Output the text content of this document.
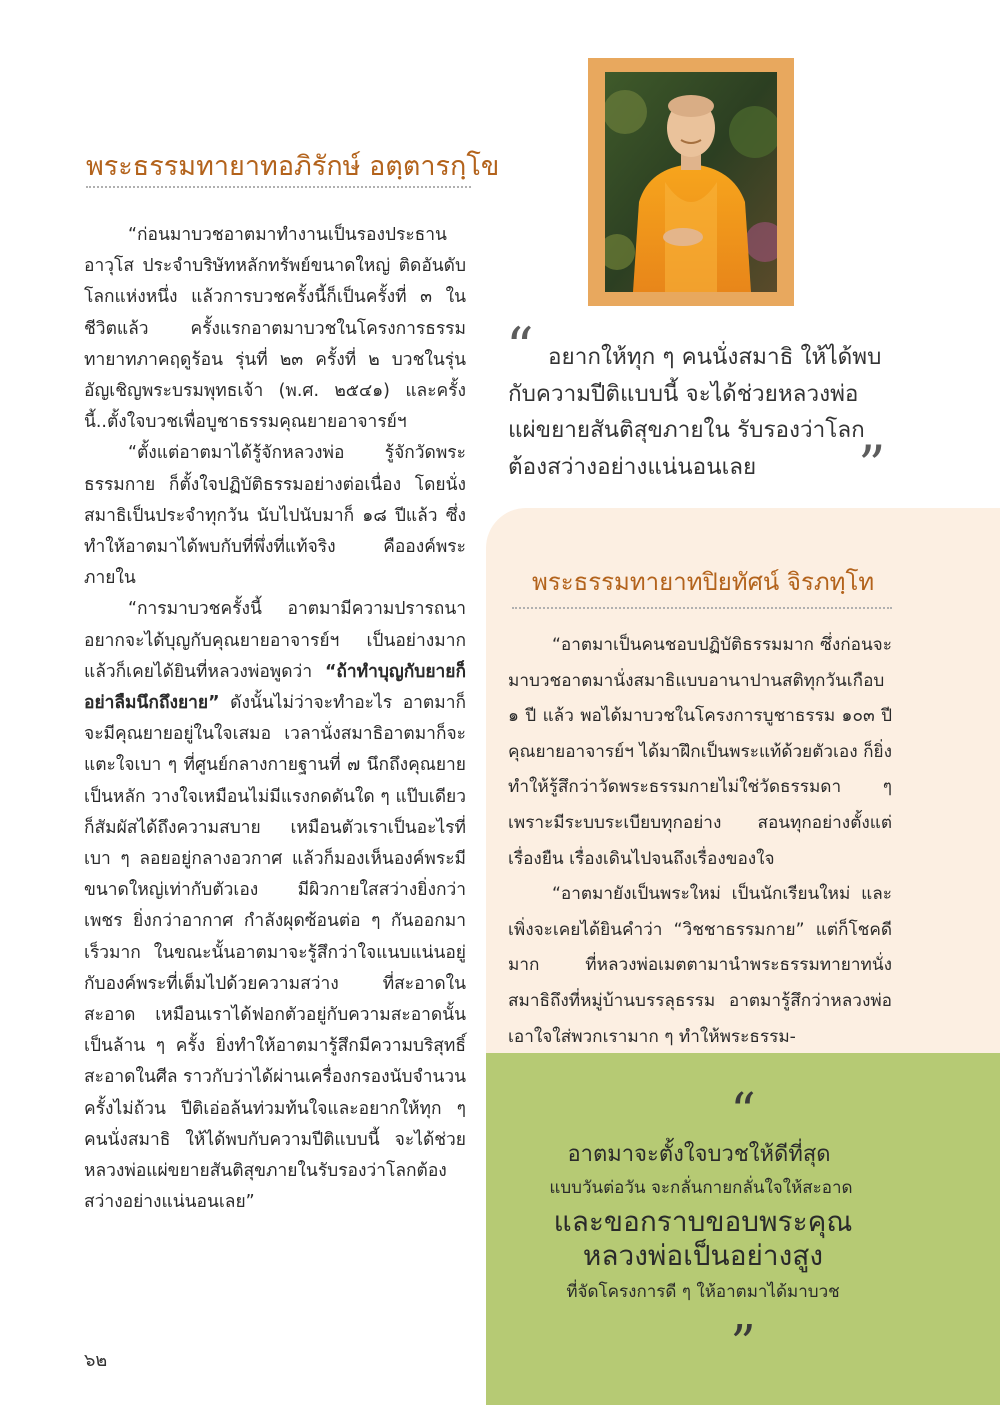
พระธรรมทายาทอภิรักษ์ อตฺตารกฺโข

“ก่อนมาบวชอาตมาทำงานเป็นรองประธานอาวุโส ประจำบริษัทหลักทรัพย์ขนาดใหญ่ ติดอันดับโลกแห่งหนึ่ง แล้วการบวชครั้งนี้ก็เป็นครั้งที่ ๓ ในชีวิตแล้ว ครั้งแรกอาตมาบวชในโครงการธรรมทายาทภาคฤดูร้อน รุ่นที่ ๒๓ ครั้งที่ ๒ บวชในรุ่นอัญเชิญพระบรมพุทธเจ้า (พ.ศ. ๒๕๔๑) และครั้งนี้..ตั้งใจบวชเพื่อบูชาธรรมคุณยายอาจารย์ฯ

“ตั้งแต่อาตมาได้รู้จักหลวงพ่อ รู้จักวัดพระธรรมกาย ก็ตั้งใจปฏิบัติธรรมอย่างต่อเนื่อง โดยนั่งสมาธิเป็นประจำทุกวัน นับไปนับมาก็ ๑๘ ปีแล้ว ซึ่งทำให้อาตมาได้พบกับที่พึ่งที่แท้จริง คือองค์พระภายใน

“การมาบวชครั้งนี้ อาตมามีความปรารถนาอยากจะได้บุญกับคุณยายอาจารย์ฯ เป็นอย่างมาก แล้วก็เคยได้ยินที่หลวงพ่อพูดว่า “ถ้าทำบุญกับยายก็อย่าลืมนึกถึงยาย” ดังนั้นไม่ว่าจะทำอะไร อาตมาก็จะมีคุณยายอยู่ในใจเสมอ เวลานั่งสมาธิอาตมาก็จะแตะใจเบา ๆ ที่ศูนย์กลางกายฐานที่ ๗ นึกถึงคุณยายเป็นหลัก วางใจเหมือนไม่มีแรงกดดันใด ๆ แป๊บเดียวก็สัมผัสได้ถึงความสบาย เหมือนตัวเราเป็นอะไรที่เบา ๆ ลอยอยู่กลางอวกาศ แล้วก็มองเห็นองค์พระมีขนาดใหญ่เท่ากับตัวเอง มีผิวกายใสสว่างยิ่งกว่าเพชร ยิ่งกว่าอากาศ กำลังผุดซ้อนต่อ ๆ กันออกมาเร็วมาก ในขณะนั้นอาตมาจะรู้สึกว่าใจแนบแน่นอยู่กับองค์พระที่เต็มไปด้วยความสว่าง ที่สะอาดในสะอาด เหมือนเราได้ฟอกตัวอยู่กับความสะอาดนั้นเป็นล้าน ๆ ครั้ง ยิ่งทำให้อาตมารู้สึกมีความบริสุทธิ์สะอาดในศีล ราวกับว่าได้ผ่านเครื่องกรองนับจำนวนครั้งไม่ถ้วน ปีติเอ่อล้นท่วมท้นใจและอยากให้ทุก ๆ คนนั่งสมาธิ ให้ได้พบกับความปีติแบบนี้ จะได้ช่วยหลวงพ่อแผ่ขยายสันติสุขภายในรับรองว่าโลกต้องสว่างอย่างแน่นอนเลย”

“ อยากให้ทุก ๆ คนนั่งสมาธิ ให้ได้พบ
กับความปีติแบบนี้ จะได้ช่วยหลวงพ่อ
แผ่ขยายสันติสุขภายใน รับรองว่าโลก
ต้องสว่างอย่างแน่นอนเลย	”
พระธรรมทายาทปิยทัศน์ จิรภทฺโท

“อาตมาเป็นคนชอบปฏิบัติธรรมมาก ซึ่งก่อนจะมาบวชอาตมานั่งสมาธิแบบอานาปานสติทุกวันเกือบ ๑ ปี แล้ว พอได้มาบวชในโครงการบูชาธรรม ๑๐๓ ปี คุณยายอาจารย์ฯ ได้มาฝึกเป็นพระแท้ด้วยตัวเอง ก็ยิ่งทำให้รู้สึกว่าวัดพระธรรมกายไม่ใช่วัดธรรมดา ๆ เพราะมีระบบระเบียบทุกอย่าง สอนทุกอย่างตั้งแต่เรื่องยืน เรื่องเดินไปจนถึงเรื่องของใจ

“อาตมายังเป็นพระใหม่ เป็นนักเรียนใหม่ และเพิ่งจะเคยได้ยินคำว่า “วิชชาธรรมกาย” แต่ก็โชคดีมาก ที่หลวงพ่อเมตตามานำพระธรรมทายาทนั่งสมาธิถึงที่หมู่บ้านบรรลุธรรม อาตมารู้สึกว่าหลวงพ่อเอาใจใส่พวกเรามาก ๆ ทำให้พระธรรม-

“
อาตมาจะตั้งใจบวชให้ดีที่สุด
แบบวันต่อวัน จะกลั่นกายกลั่นใจให้สะอาด
และขอกราบขอบพระคุณ
หลวงพ่อเป็นอย่างสูง
ที่จัดโครงการดี ๆ ให้อาตมาได้มาบวช
”
๖๒
